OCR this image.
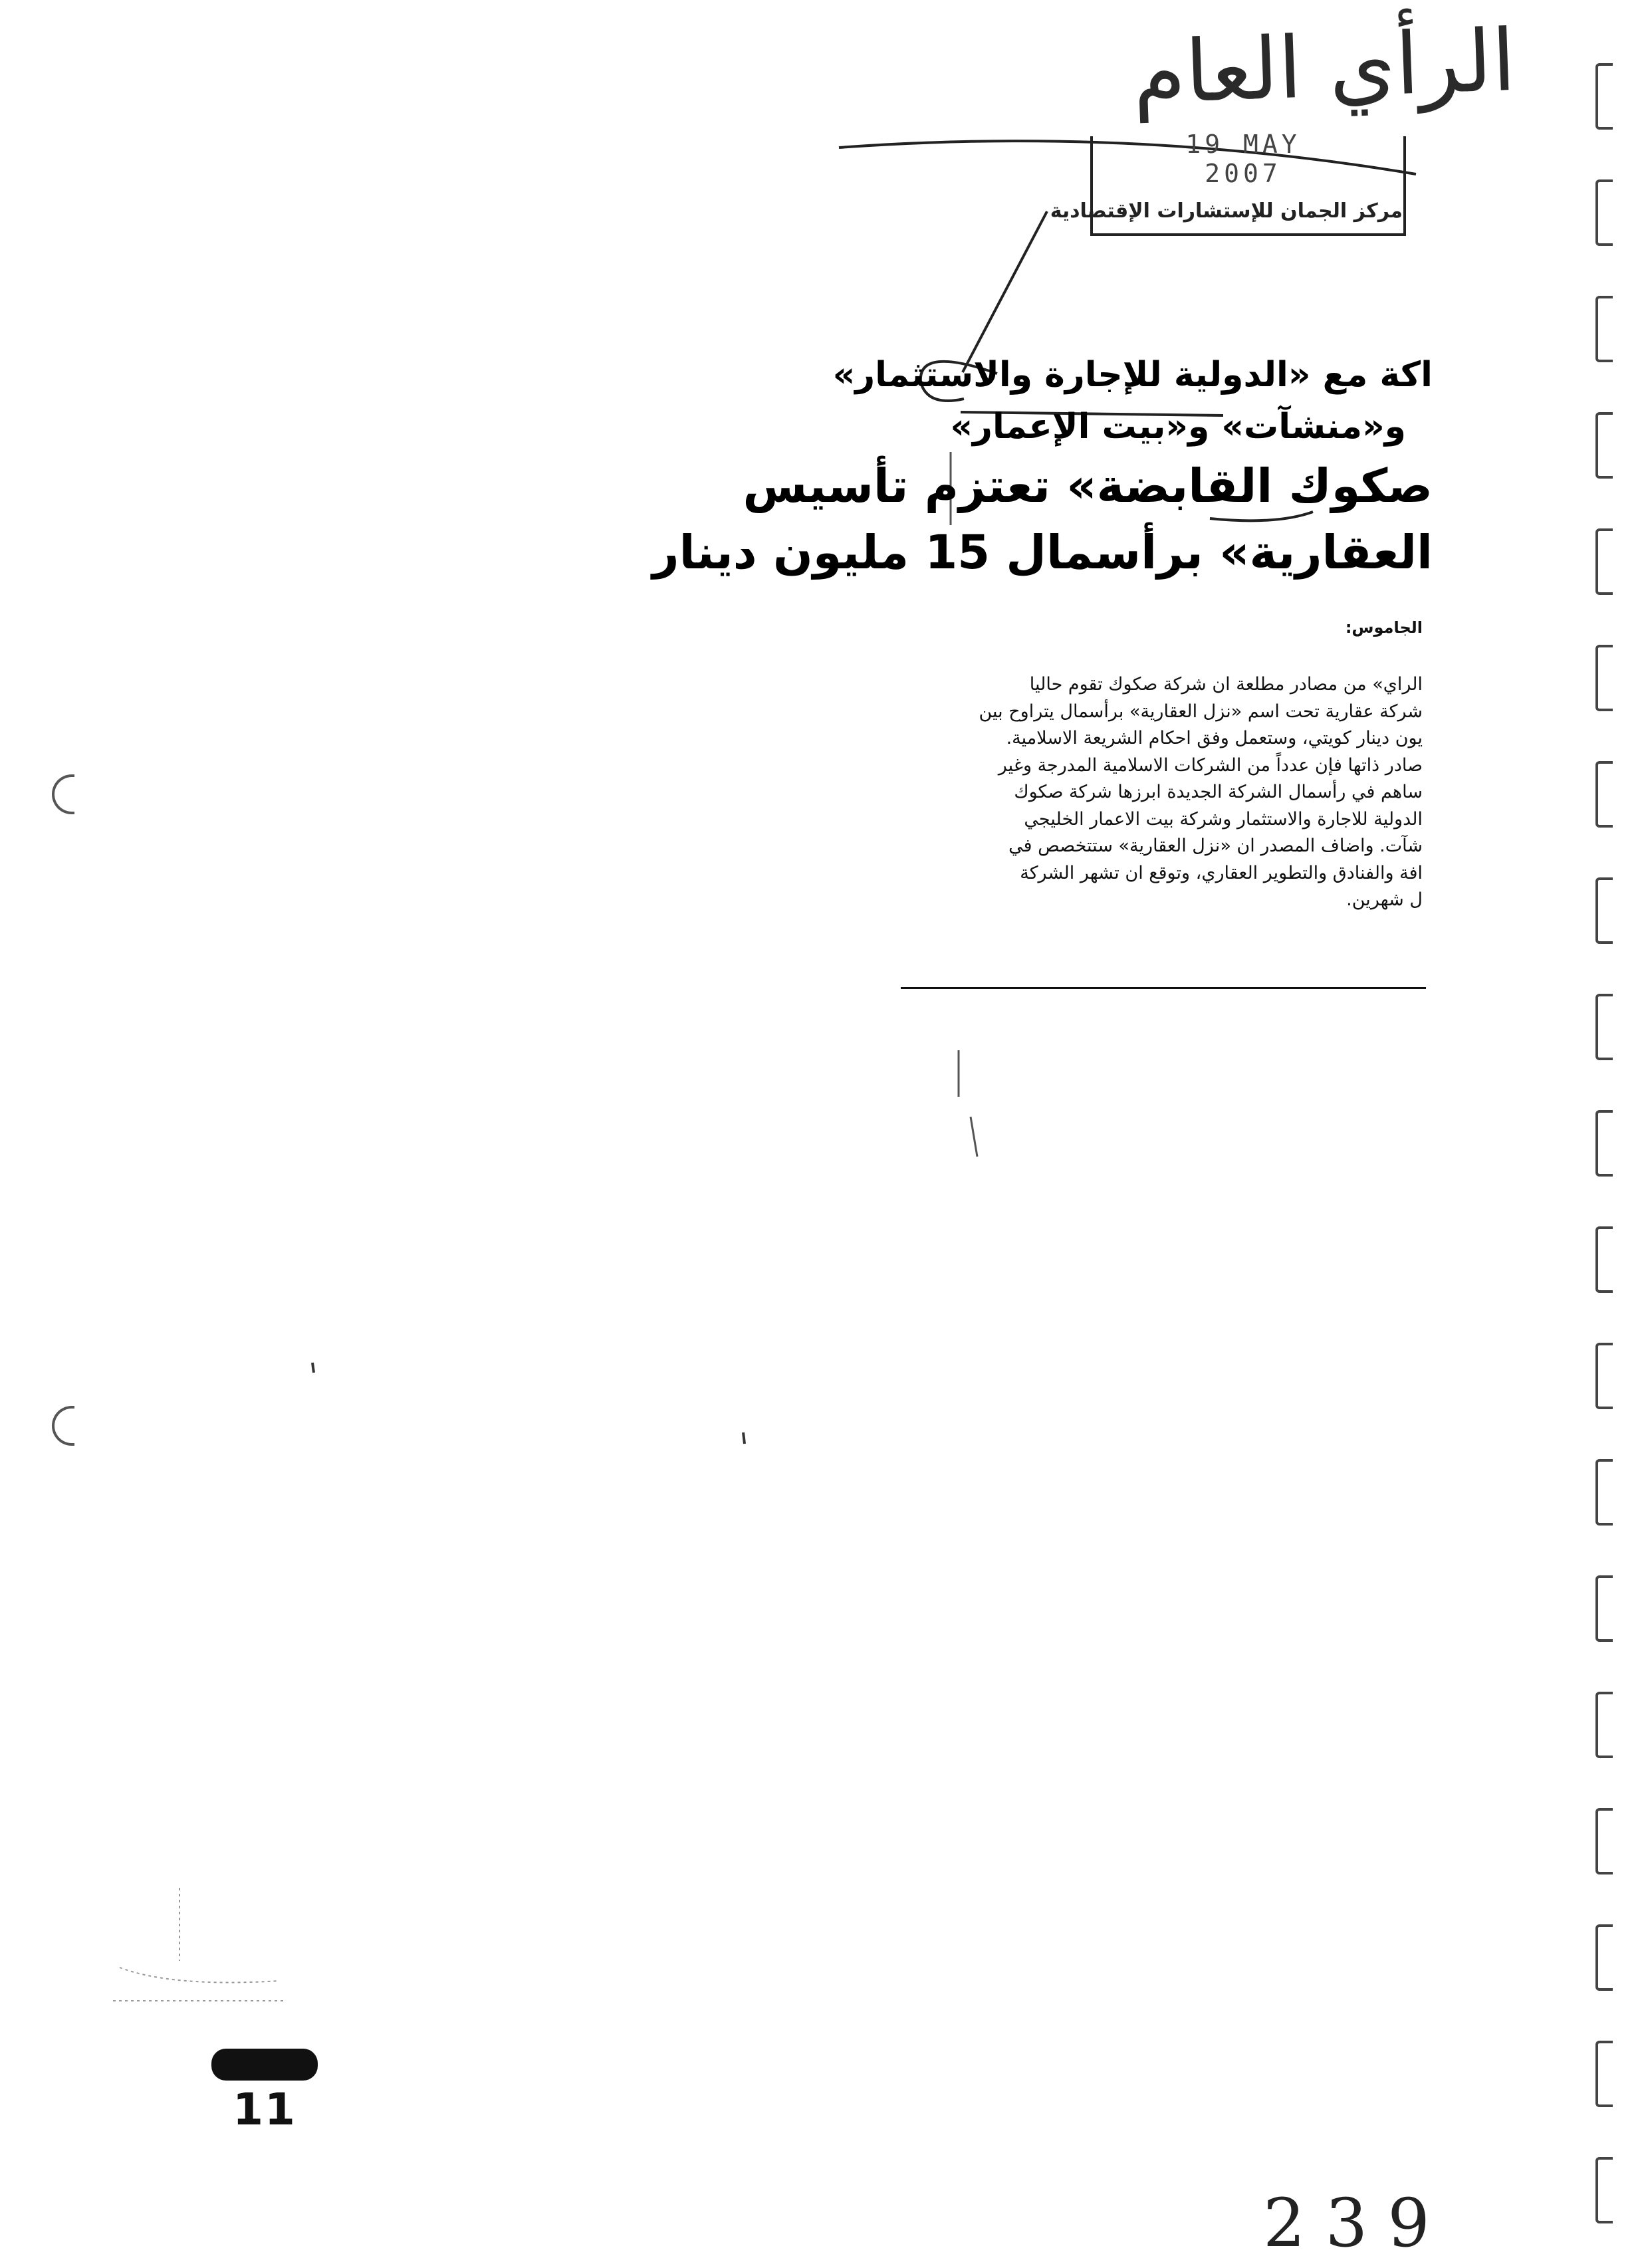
الرأي العام
19 MAY 2007
مركز الجمان للإستشارات الإقتصادية
اكة مع «الدولية للإجارة والاستثمار»
و«منشآت» و«بيت الإعمار»
صكوك القابضة» تعتزم تأسيس
العقارية» برأسمال 15 مليون دينار
الجاموس:
الراي» من مصادر مطلعة ان شركة صكوك تقوم حاليا
شركة عقارية تحت اسم «نزل العقارية» برأسمال يتراوح بين
يون دينار كويتي، وستعمل وفق احكام الشريعة الاسلامية.
صادر ذاتها فإن عدداً من الشركات الاسلامية المدرجة وغير
ساهم في رأسمال الشركة الجديدة ابرزها شركة صكوك
الدولية للاجارة والاستثمار وشركة بيت الاعمار الخليجي
شآت. واضاف المصدر ان «نزل العقارية» ستتخصص في
افة والفنادق والتطوير العقاري، وتوقع ان تشهر الشركة
ل شهرين.
11
239
